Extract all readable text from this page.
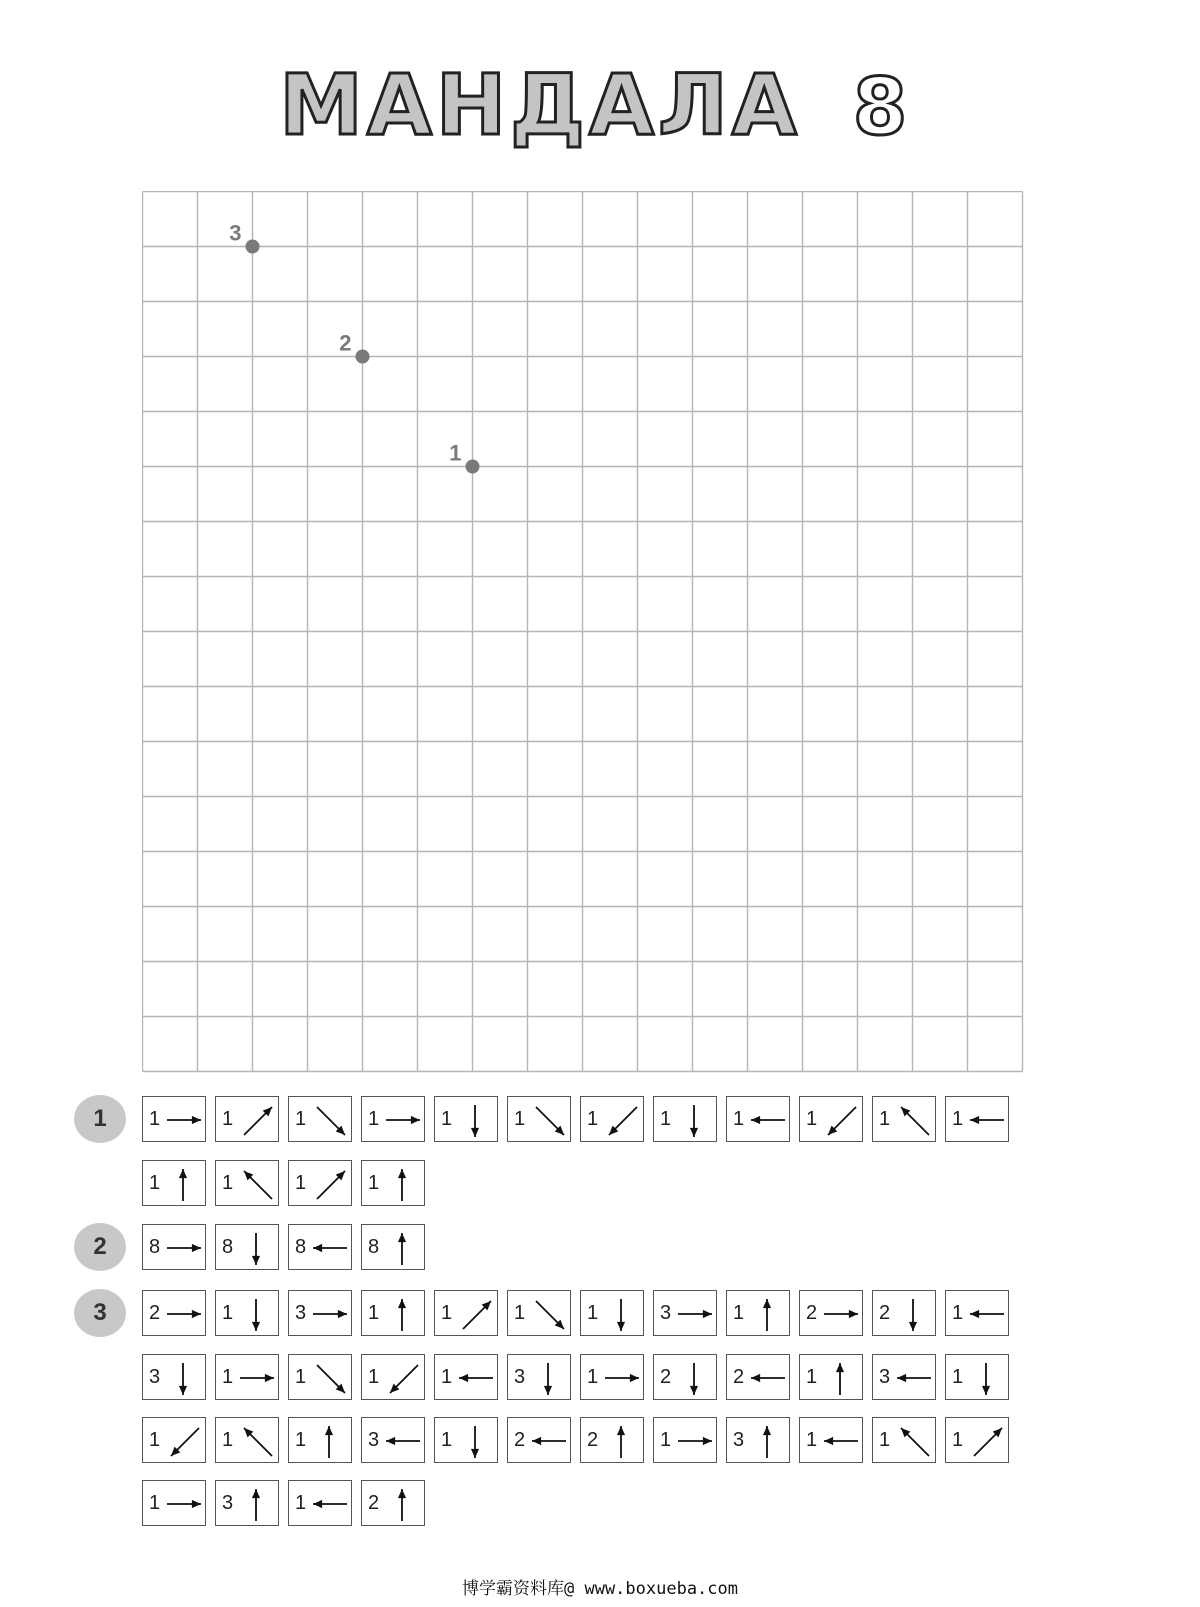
МАНДАЛА 8
3
2
1
1	1	1	1	1	1	1	1	1	1	1	1	1
1	1	1	1
2	8	8	8	8
3	2	1	3	1	1	1	1	3	1	2	2	1
3	1	1	1	1	3	1	2	2	1	3	1
1	1	1	3	1	2	2	1	3	1	1	1
1	3	1	2
博学霸资料库@ www.boxueba.com
